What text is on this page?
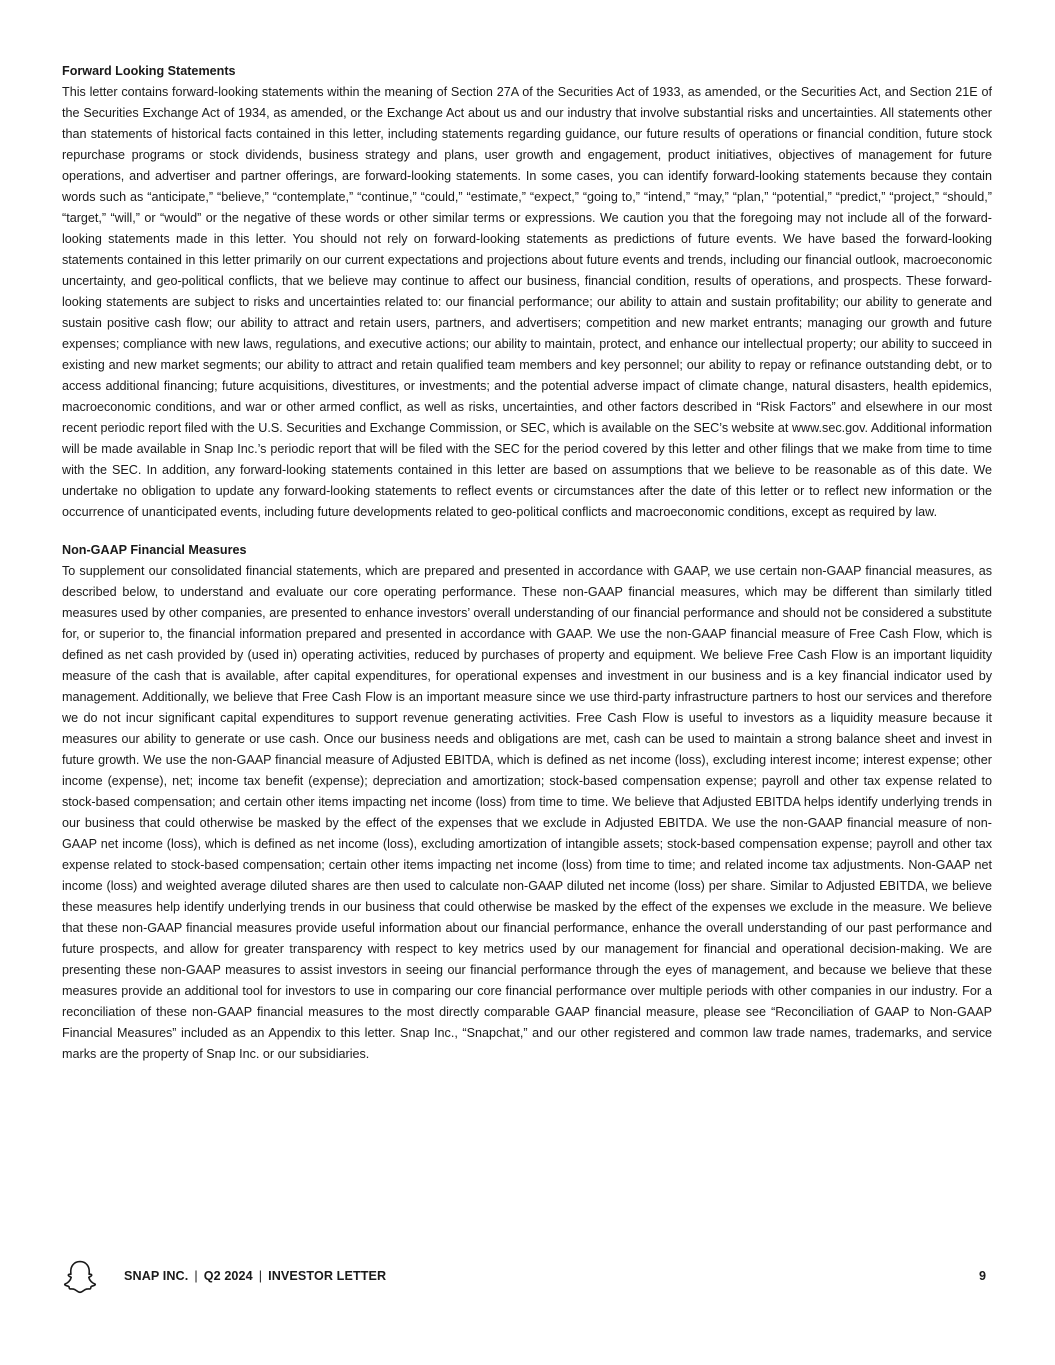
Forward Looking Statements

This letter contains forward-looking statements within the meaning of Section 27A of the Securities Act of 1933, as amended, or the Securities Act, and Section 21E of the Securities Exchange Act of 1934, as amended, or the Exchange Act about us and our industry that involve substantial risks and uncertainties. All statements other than statements of historical facts contained in this letter, including statements regarding guidance, our future results of operations or financial condition, future stock repurchase programs or stock dividends, business strategy and plans, user growth and engagement, product initiatives, objectives of management for future operations, and advertiser and partner offerings, are forward-looking statements. In some cases, you can identify forward-looking statements because they contain words such as “anticipate,” “believe,” “contemplate,” “continue,” “could,” “estimate,” “expect,” “going to,” “intend,” “may,” “plan,” “potential,” “predict,” “project,” “should,” “target,” “will,” or “would” or the negative of these words or other similar terms or expressions. We caution you that the foregoing may not include all of the forward-looking statements made in this letter. You should not rely on forward-looking statements as predictions of future events. We have based the forward-looking statements contained in this letter primarily on our current expectations and projections about future events and trends, including our financial outlook, macroeconomic uncertainty, and geo-political conflicts, that we believe may continue to affect our business, financial condition, results of operations, and prospects. These forward-looking statements are subject to risks and uncertainties related to: our financial performance; our ability to attain and sustain profitability; our ability to generate and sustain positive cash flow; our ability to attract and retain users, partners, and advertisers; competition and new market entrants; managing our growth and future expenses; compliance with new laws, regulations, and executive actions; our ability to maintain, protect, and enhance our intellectual property; our ability to succeed in existing and new market segments; our ability to attract and retain qualified team members and key personnel; our ability to repay or refinance outstanding debt, or to access additional financing; future acquisitions, divestitures, or investments; and the potential adverse impact of climate change, natural disasters, health epidemics, macroeconomic conditions, and war or other armed conflict, as well as risks, uncertainties, and other factors described in “Risk Factors” and elsewhere in our most recent periodic report filed with the U.S. Securities and Exchange Commission, or SEC, which is available on the SEC’s website at www.sec.gov. Additional information will be made available in Snap Inc.’s periodic report that will be filed with the SEC for the period covered by this letter and other filings that we make from time to time with the SEC. In addition, any forward-looking statements contained in this letter are based on assumptions that we believe to be reasonable as of this date. We undertake no obligation to update any forward-looking statements to reflect events or circumstances after the date of this letter or to reflect new information or the occurrence of unanticipated events, including future developments related to geo-political conflicts and macroeconomic conditions, except as required by law.

Non-GAAP Financial Measures

To supplement our consolidated financial statements, which are prepared and presented in accordance with GAAP, we use certain non-GAAP financial measures, as described below, to understand and evaluate our core operating performance. These non-GAAP financial measures, which may be different than similarly titled measures used by other companies, are presented to enhance investors’ overall understanding of our financial performance and should not be considered a substitute for, or superior to, the financial information prepared and presented in accordance with GAAP. We use the non-GAAP financial measure of Free Cash Flow, which is defined as net cash provided by (used in) operating activities, reduced by purchases of property and equipment. We believe Free Cash Flow is an important liquidity measure of the cash that is available, after capital expenditures, for operational expenses and investment in our business and is a key financial indicator used by management. Additionally, we believe that Free Cash Flow is an important measure since we use third-party infrastructure partners to host our services and therefore we do not incur significant capital expenditures to support revenue generating activities. Free Cash Flow is useful to investors as a liquidity measure because it measures our ability to generate or use cash. Once our business needs and obligations are met, cash can be used to maintain a strong balance sheet and invest in future growth. We use the non-GAAP financial measure of Adjusted EBITDA, which is defined as net income (loss), excluding interest income; interest expense; other income (expense), net; income tax benefit (expense); depreciation and amortization; stock-based compensation expense; payroll and other tax expense related to stock-based compensation; and certain other items impacting net income (loss) from time to time. We believe that Adjusted EBITDA helps identify underlying trends in our business that could otherwise be masked by the effect of the expenses that we exclude in Adjusted EBITDA. We use the non-GAAP financial measure of non-GAAP net income (loss), which is defined as net income (loss), excluding amortization of intangible assets; stock-based compensation expense; payroll and other tax expense related to stock-based compensation; certain other items impacting net income (loss) from time to time; and related income tax adjustments. Non-GAAP net income (loss) and weighted average diluted shares are then used to calculate non-GAAP diluted net income (loss) per share. Similar to Adjusted EBITDA, we believe these measures help identify underlying trends in our business that could otherwise be masked by the effect of the expenses we exclude in the measure. We believe that these non-GAAP financial measures provide useful information about our financial performance, enhance the overall understanding of our past performance and future prospects, and allow for greater transparency with respect to key metrics used by our management for financial and operational decision-making. We are presenting these non-GAAP measures to assist investors in seeing our financial performance through the eyes of management, and because we believe that these measures provide an additional tool for investors to use in comparing our core financial performance over multiple periods with other companies in our industry. For a reconciliation of these non-GAAP financial measures to the most directly comparable GAAP financial measure, please see “Reconciliation of GAAP to Non-GAAP Financial Measures” included as an Appendix to this letter. Snap Inc., “Snapchat,” and our other registered and common law trade names, trademarks, and service marks are the property of Snap Inc. or our subsidiaries.

SNAP INC. | Q2 2024 | INVESTOR LETTER	9
